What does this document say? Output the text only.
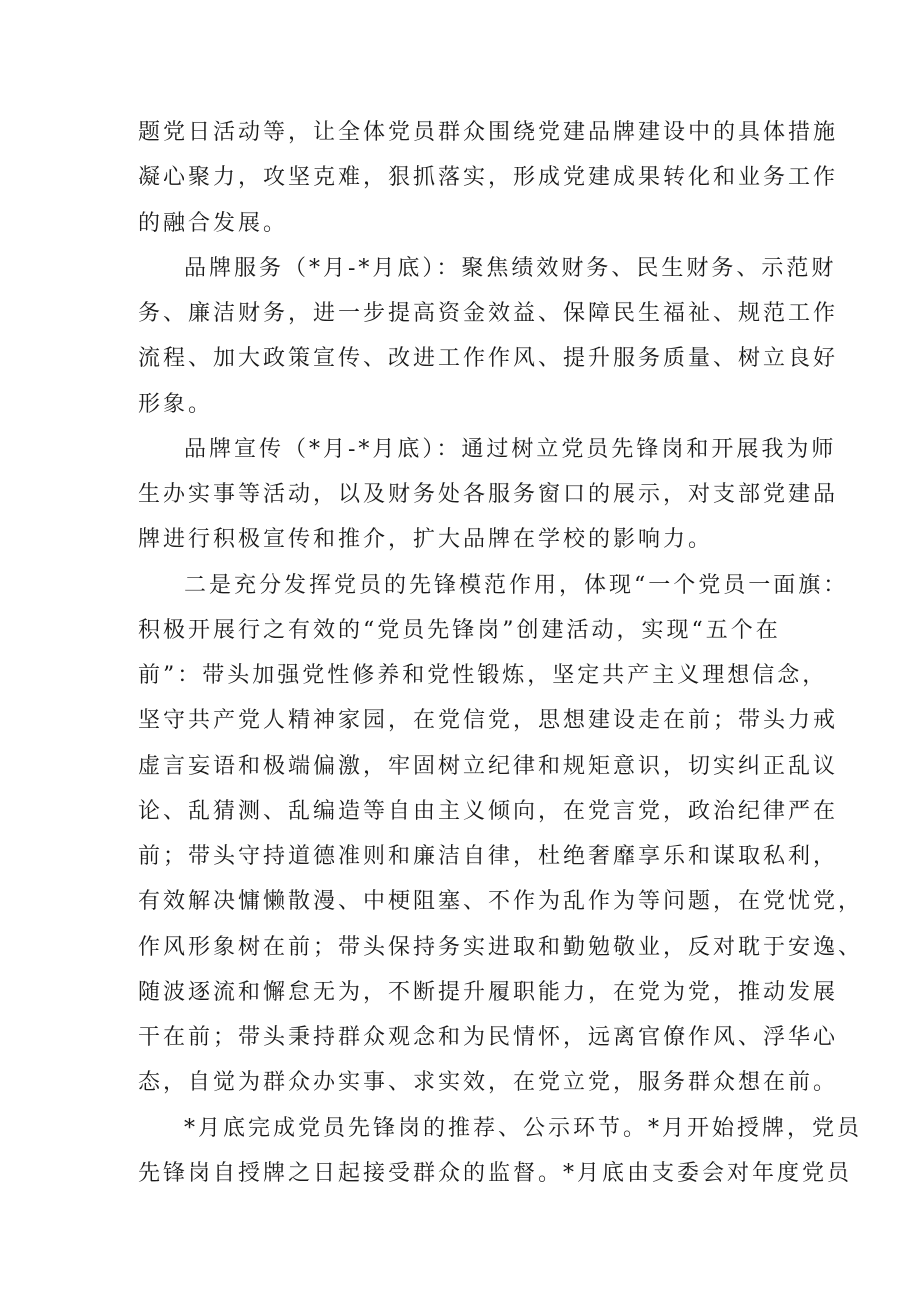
题党日活动等，让全体党员群众围绕党建品牌建设中的具体措施

凝心聚力，攻坚克难，狠抓落实，形成党建成果转化和业务工作

的融合发展。

品牌服务（*月-*月底）：聚焦绩效财务、民生财务、示范财

务、廉洁财务，进一步提高资金效益、保障民生福祉、规范工作

流程、加大政策宣传、改进工作作风、提升服务质量、树立良好

形象。

品牌宣传（*月-*月底）：通过树立党员先锋岗和开展我为师

生办实事等活动，以及财务处各服务窗口的展示，对支部党建品

牌进行积极宣传和推介，扩大品牌在学校的影响力。

二是充分发挥党员的先锋模范作用，体现“一个党员一面旗：

积极开展行之有效的“党员先锋岗”创建活动，实现“五个在

前”：带头加强党性修养和党性锻炼，坚定共产主义理想信念，

坚守共产党人精神家园，在党信党，思想建设走在前；带头力戒

虚言妄语和极端偏激，牢固树立纪律和规矩意识，切实纠正乱议

论、乱猜测、乱编造等自由主义倾向，在党言党，政治纪律严在

前；带头守持道德准则和廉洁自律，杜绝奢靡享乐和谋取私利，

有效解决慵懒散漫、中梗阻塞、不作为乱作为等问题，在党忧党，

作风形象树在前；带头保持务实进取和勤勉敬业，反对耽于安逸、

随波逐流和懈怠无为，不断提升履职能力，在党为党，推动发展

干在前；带头秉持群众观念和为民情怀，远离官僚作风、浮华心

态，自觉为群众办实事、求实效，在党立党，服务群众想在前。

*月底完成党员先锋岗的推荐、公示环节。*月开始授牌，党员

先锋岗自授牌之日起接受群众的监督。*月底由支委会对年度党员
